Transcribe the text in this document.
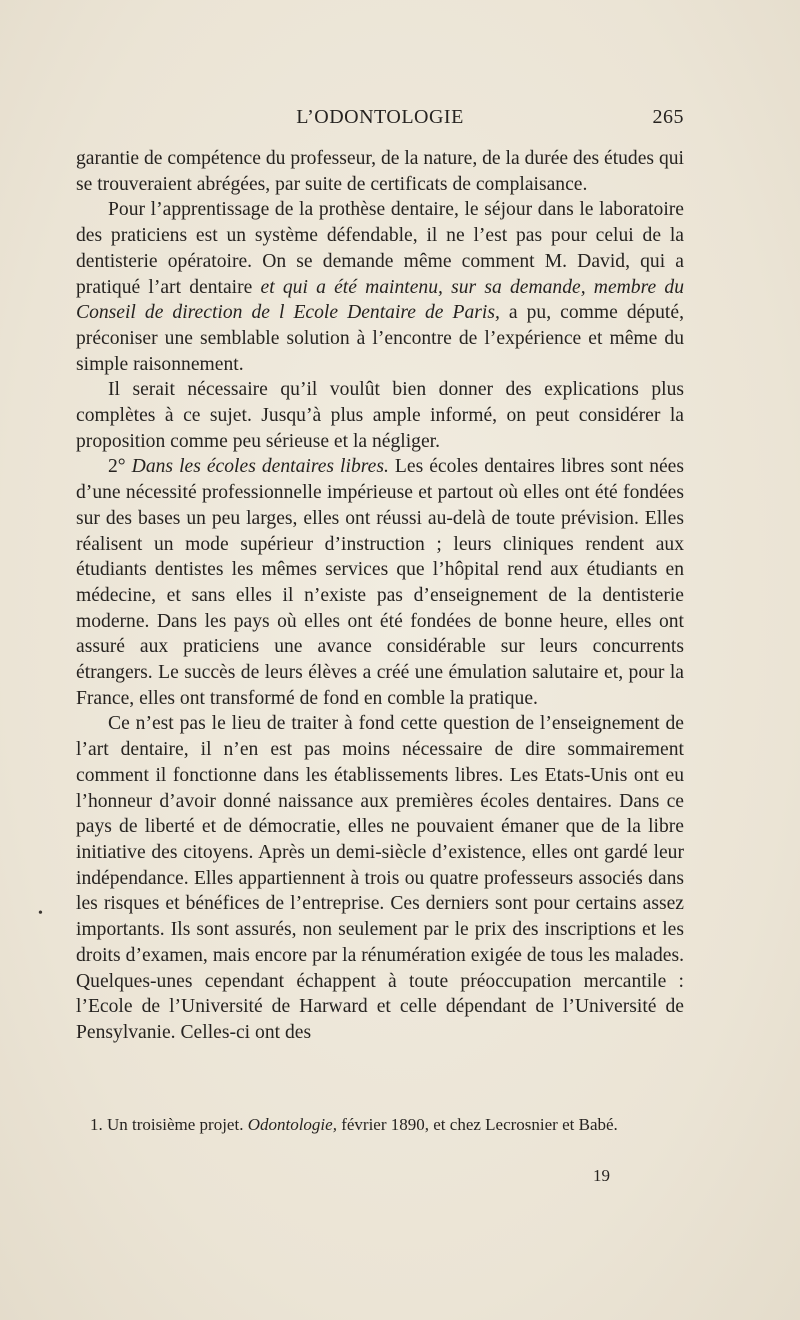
L’ODONTOLOGIE	265
•

garantie de compétence du professeur, de la nature, de la durée des études qui se trouveraient abrégées, par suite de certificats de complaisance.

Pour l’apprentissage de la prothèse dentaire, le séjour dans le laboratoire des praticiens est un système défendable, il ne l’est pas pour celui de la dentisterie opératoire. On se demande même comment M. David, qui a pratiqué l’art dentaire et qui a été maintenu, sur sa demande, membre du Conseil de direction de l Ecole Dentaire de Paris, a pu, comme député, préconiser une semblable solution à l’encontre de l’expérience et même du simple raisonnement.

Il serait nécessaire qu’il voulût bien donner des explications plus complètes à ce sujet. Jusqu’à plus ample informé, on peut considérer la proposition comme peu sérieuse et la négliger.

2° Dans les écoles dentaires libres. Les écoles dentaires libres sont nées d’une nécessité professionnelle impérieuse et partout où elles ont été fondées sur des bases un peu larges, elles ont réussi au-delà de toute prévision. Elles réalisent un mode supérieur d’instruction ; leurs cliniques rendent aux étudiants dentistes les mêmes services que l’hôpital rend aux étudiants en médecine, et sans elles il n’existe pas d’enseignement de la dentisterie moderne. Dans les pays où elles ont été fondées de bonne heure, elles ont assuré aux praticiens une avance considérable sur leurs concurrents étrangers. Le succès de leurs élèves a créé une émulation salutaire et, pour la France, elles ont transformé de fond en comble la pratique.

Ce n’est pas le lieu de traiter à fond cette question de l’enseignement de l’art dentaire, il n’en est pas moins nécessaire de dire sommairement comment il fonctionne dans les établissements libres. Les Etats-Unis ont eu l’honneur d’avoir donné naissance aux premières écoles dentaires. Dans ce pays de liberté et de démocratie, elles ne pouvaient émaner que de la libre initiative des citoyens. Après un demi-siècle d’existence, elles ont gardé leur indépendance. Elles appartiennent à trois ou quatre professeurs associés dans les risques et bénéfices de l’entreprise. Ces derniers sont pour certains assez importants. Ils sont assurés, non seulement par le prix des inscriptions et les droits d’examen, mais encore par la rénumération exigée de tous les malades. Quelques-unes cependant échappent à toute préoccupation mercantile : l’Ecole de l’Université de Harward et celle dépendant de l’Université de Pensylvanie. Celles-ci ont des

1. Un troisième projet. Odontologie, février 1890, et chez Lecrosnier et Babé.

19
